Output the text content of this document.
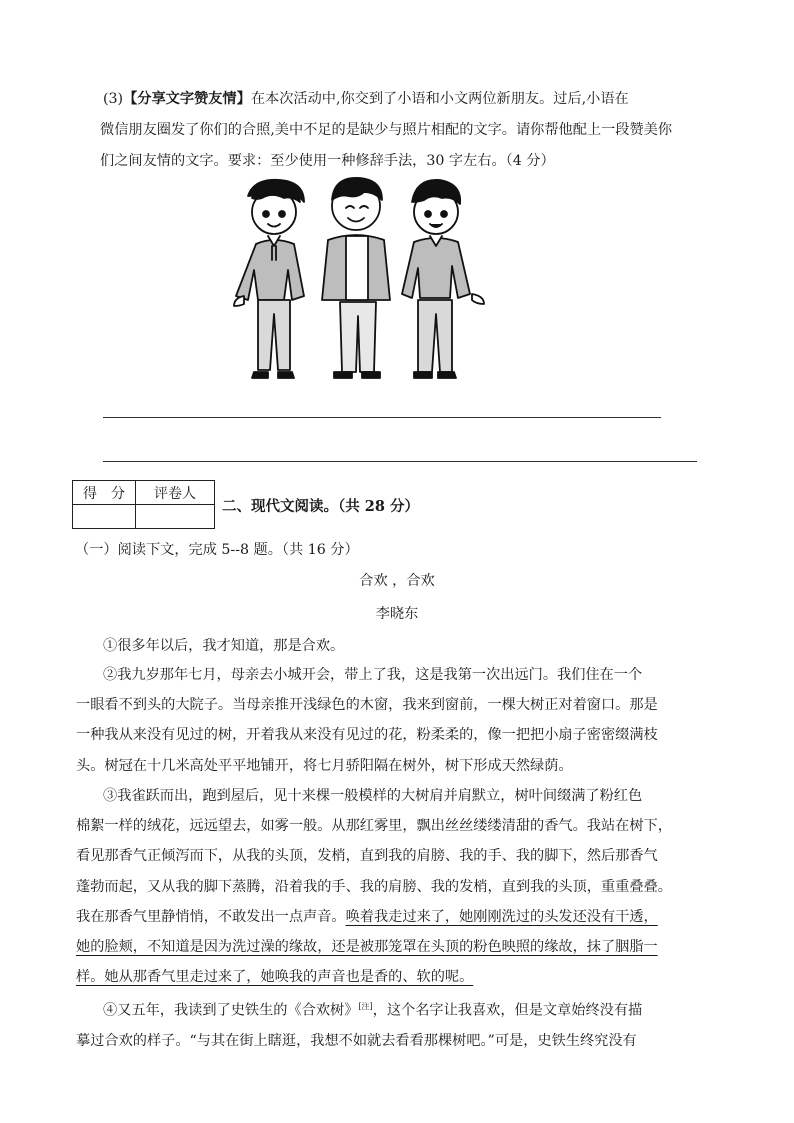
(3)【分享文字赞友情】在本次活动中,你交到了小语和小文两位新朋友。过后,小语在
微信朋友圈发了你们的合照,美中不足的是缺少与照片相配的文字。请你帮他配上一段赞美你
们之间友情的文字。要求：至少使用一种修辞手法，30 字左右。（4 分）
得　分	评卷人

二、现代文阅读。（共 28 分）
（一）阅读下文，完成 5--8 题。（共 16 分）
合欢 ，合欢
李晓东
①很多年以后，我才知道，那是合欢。
②我九岁那年七月，母亲去小城开会，带上了我，这是我第一次出远门。我们住在一个
一眼看不到头的大院子。当母亲推开浅绿色的木窗，我来到窗前，一棵大树正对着窗口。那是
一种我从来没有见过的树，开着我从来没有见过的花，粉柔柔的，像一把把小扇子密密缀满枝
头。树冠在十几米高处平平地铺开，将七月骄阳隔在树外，树下形成天然绿荫。
③我雀跃而出，跑到屋后，见十来棵一般模样的大树肩并肩默立，树叶间缀满了粉红色
棉絮一样的绒花，远远望去，如雾一般。从那红雾里，飘出丝丝缕缕清甜的香气。我站在树下，
看见那香气正倾泻而下，从我的头顶，发梢，直到我的肩膀、我的手、我的脚下，然后那香气
蓬勃而起，又从我的脚下蒸腾，沿着我的手、我的肩膀、我的发梢，直到我的头顶，重重叠叠。
我在那香气里静悄悄，不敢发出一点声音。唤着我走过来了，她刚刚洗过的头发还没有干透，
她的脸颊，不知道是因为洗过澡的缘故，还是被那笼罩在头顶的粉色映照的缘故，抹了胭脂一
样。她从那香气里走过来了，她唤我的声音也是香的、软的呢。
④又五年，我读到了史铁生的《合欢树》[注]，这个名字让我喜欢，但是文章始终没有描
摹过合欢的样子。“与其在街上瞎逛，我想不如就去看看那棵树吧。”可是，史铁生终究没有
